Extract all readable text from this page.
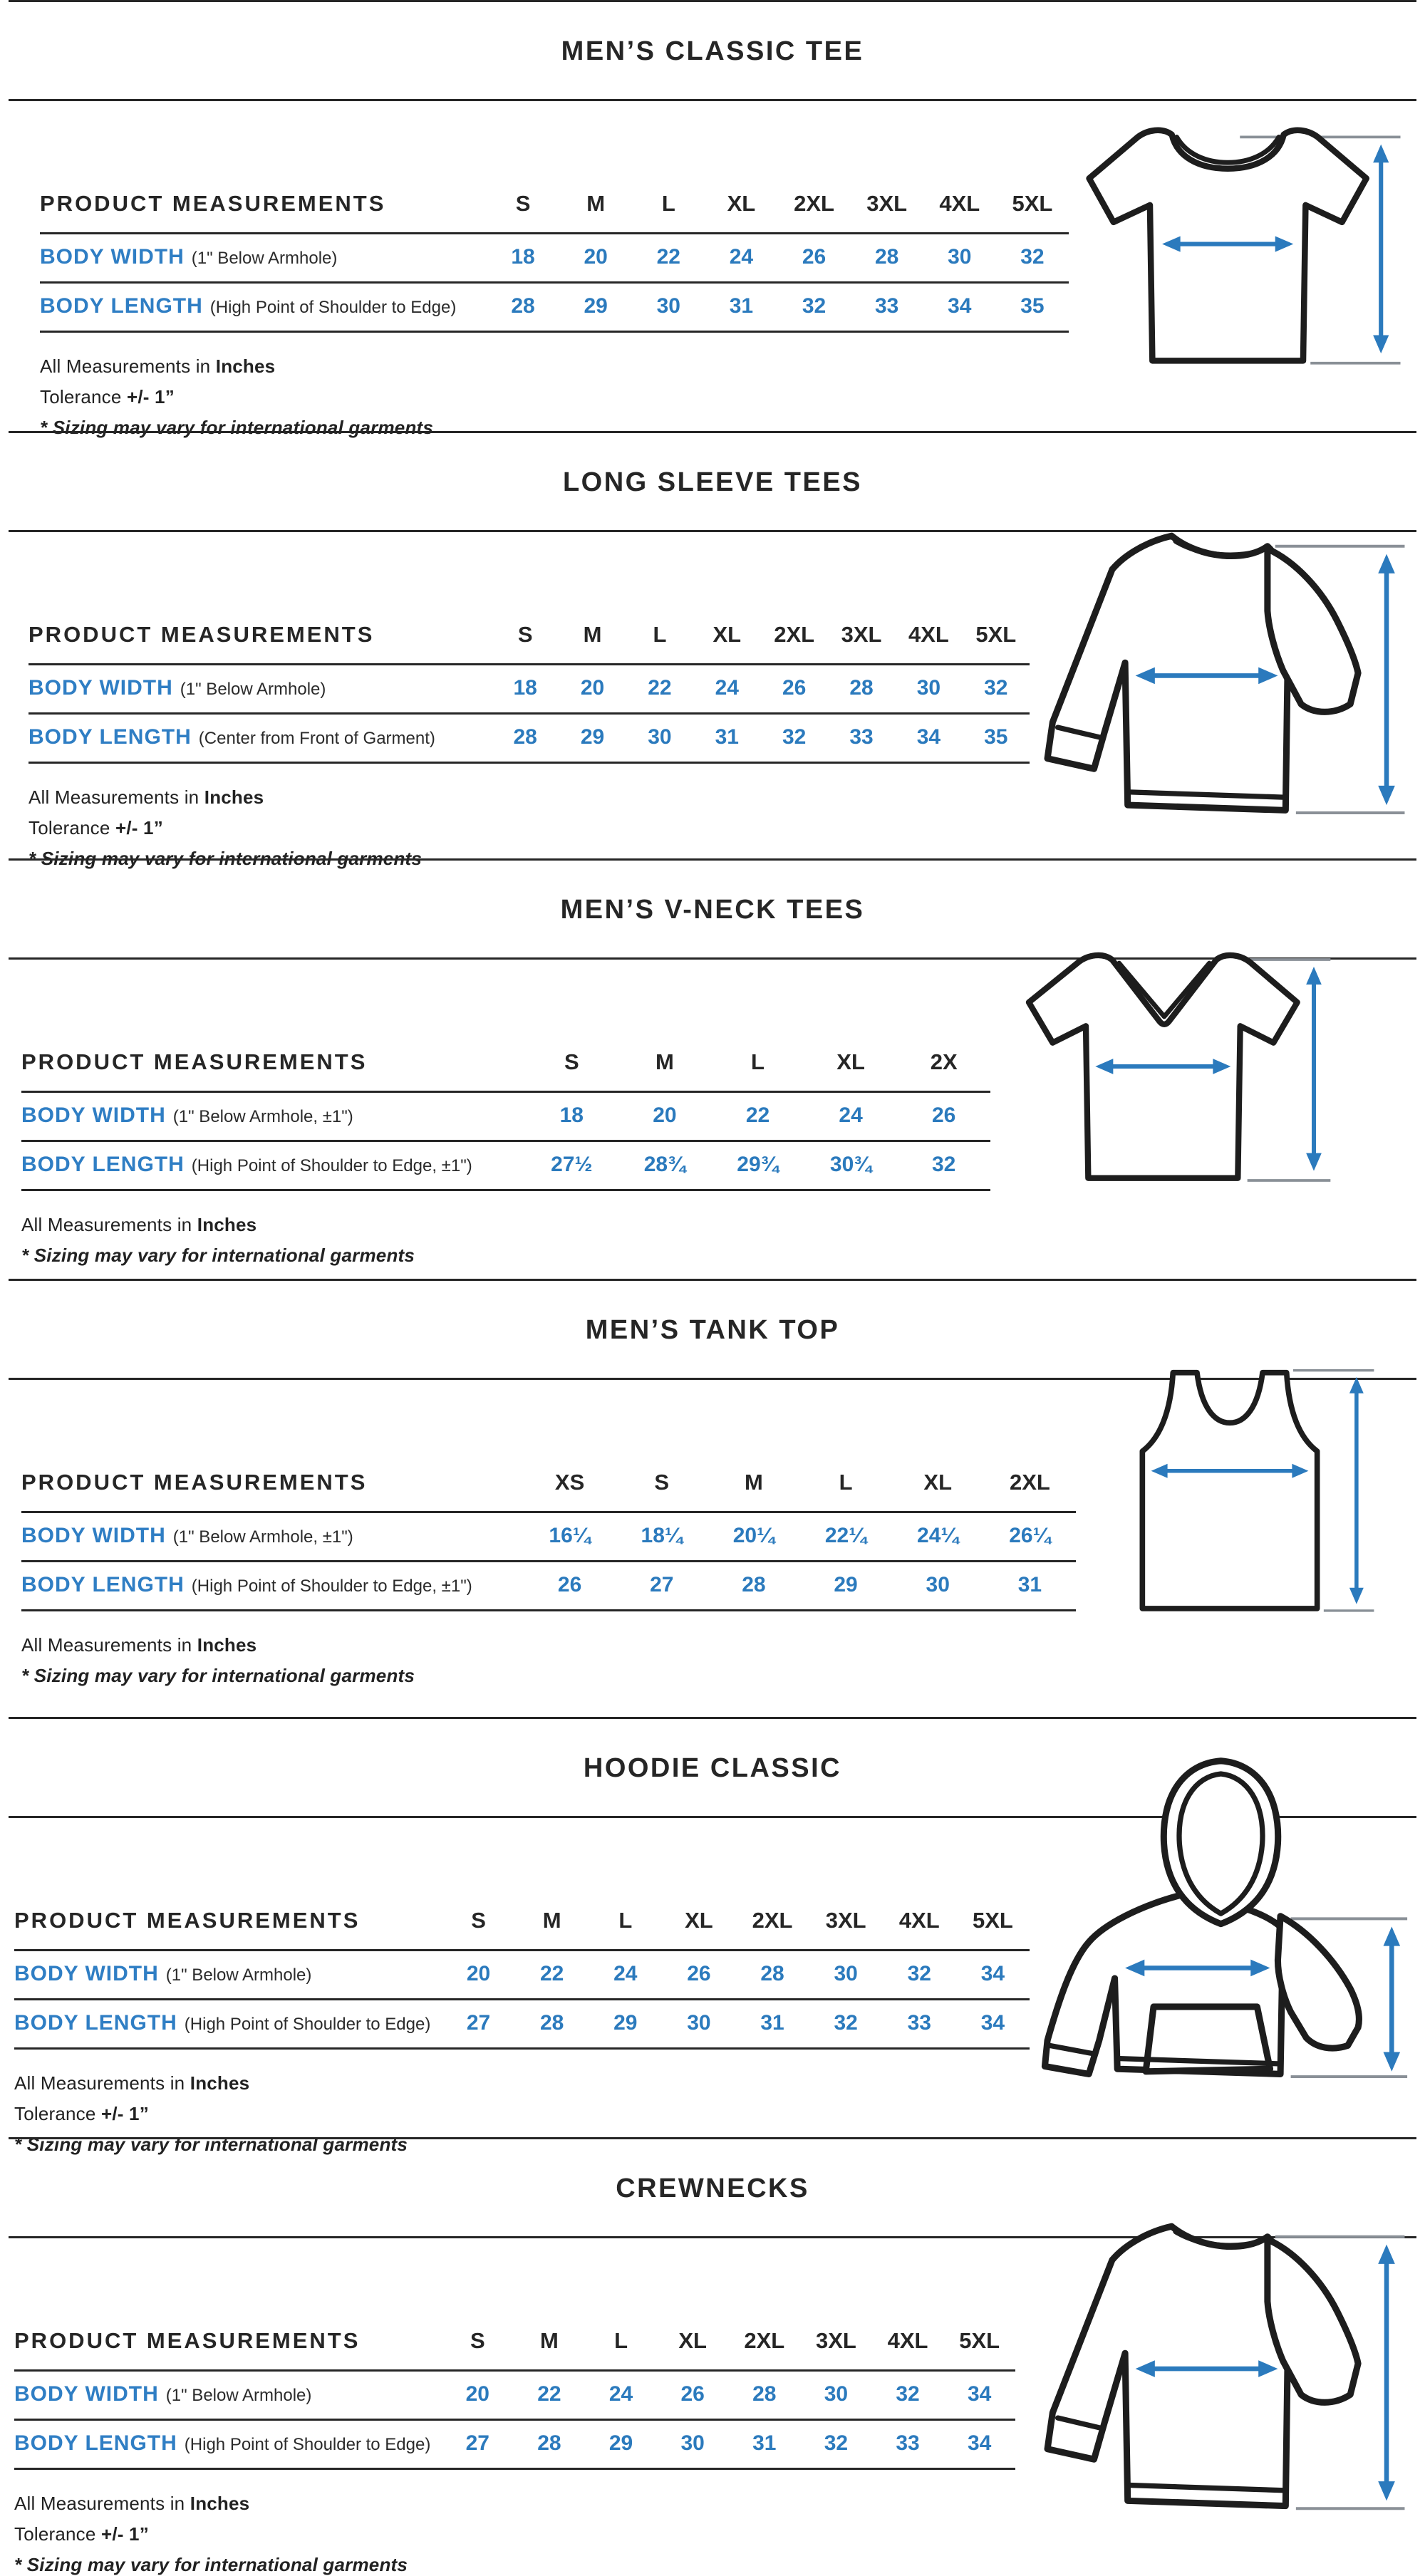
MEN’S CLASSIC TEE
PRODUCT MEASUREMENTS	S	M	L	XL	2XL	3XL	4XL	5XL
BODY WIDTH (1" Below Armhole)	18	20	22	24	26	28	30	32
BODY LENGTH (High Point of Shoulder to Edge)	28	29	30	31	32	33	34	35
All Measurements in Inches
Tolerance +/- 1”
* Sizing may vary for international garments
LONG SLEEVE TEES
PRODUCT MEASUREMENTS	S	M	L	XL	2XL	3XL	4XL	5XL
BODY WIDTH (1" Below Armhole)	18	20	22	24	26	28	30	32
BODY LENGTH (Center from Front of Garment)	28	29	30	31	32	33	34	35
All Measurements in Inches
Tolerance +/- 1”
* Sizing may vary for international garments
MEN’S V-NECK TEES
PRODUCT MEASUREMENTS	S	M	L	XL	2X
BODY WIDTH (1" Below Armhole, ±1")	18	20	22	24	26
BODY LENGTH (High Point of Shoulder to Edge, ±1")	27½	28¾	29¾	30¾	32
All Measurements in Inches
* Sizing may vary for international garments
MEN’S TANK TOP
PRODUCT MEASUREMENTS	XS	S	M	L	XL	2XL
BODY WIDTH (1" Below Armhole, ±1")	16¼	18¼	20¼	22¼	24¼	26¼
BODY LENGTH (High Point of Shoulder to Edge, ±1")	26	27	28	29	30	31
All Measurements in Inches
* Sizing may vary for international garments
HOODIE CLASSIC
PRODUCT MEASUREMENTS	S	M	L	XL	2XL	3XL	4XL	5XL
BODY WIDTH (1" Below Armhole)	20	22	24	26	28	30	32	34
BODY LENGTH (High Point of Shoulder to Edge)	27	28	29	30	31	32	33	34
All Measurements in Inches
Tolerance +/- 1”
* Sizing may vary for international garments
CREWNECKS
PRODUCT MEASUREMENTS	S	M	L	XL	2XL	3XL	4XL	5XL
BODY WIDTH (1" Below Armhole)	20	22	24	26	28	30	32	34
BODY LENGTH (High Point of Shoulder to Edge)	27	28	29	30	31	32	33	34
All Measurements in Inches
Tolerance +/- 1”
* Sizing may vary for international garments
